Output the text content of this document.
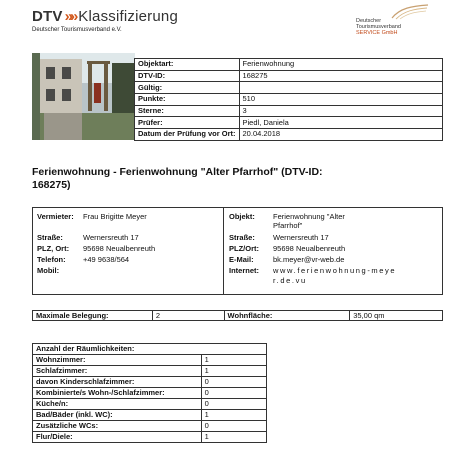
DTV »» Klassifizierung
Deutscher Tourismusverband e.V.
Deutscher
Tourismusverband
SERVICE GmbH
Objektart:	Ferienwohnung
DTV-ID:	168275
Gültig:	
Punkte:	510
Sterne:	3
Prüfer:	Piedl, Daniela
Datum der Prüfung vor Ort:	20.04.2018
Ferienwohnung - Ferienwohnung "Alter Pfarrhof" (DTV-ID: 168275)
Vermieter: Frau Brigitte Meyer
Straße:	Wernersreuth 17
PLZ, Ort: 95698 Neualbenreuth
Telefon: +49 9638/564
Mobil:
Objekt: Ferienwohnung "Alter
Pfarrhof"
Straße: Wernersreuth 17
PLZ/Ort: 95698 Neualbenreuth
E-Mail:	bk.meyer@vr-web.de
Internet: www.ferienwohnung-meye
r.de.vu
Maximale Belegung:	2	Wohnfläche:	35,00 qm
Anzahl der Räumlichkeiten:	
Wohnzimmer:	1
Schlafzimmer:	1
davon Kinderschlafzimmer:	0
Kombinierte/s Wohn-/Schlafzimmer:	0
Küche/n:	0
Bad/Bäder (inkl. WC):	1
Zusätzliche WCs:	0
Flur/Diele:	1
